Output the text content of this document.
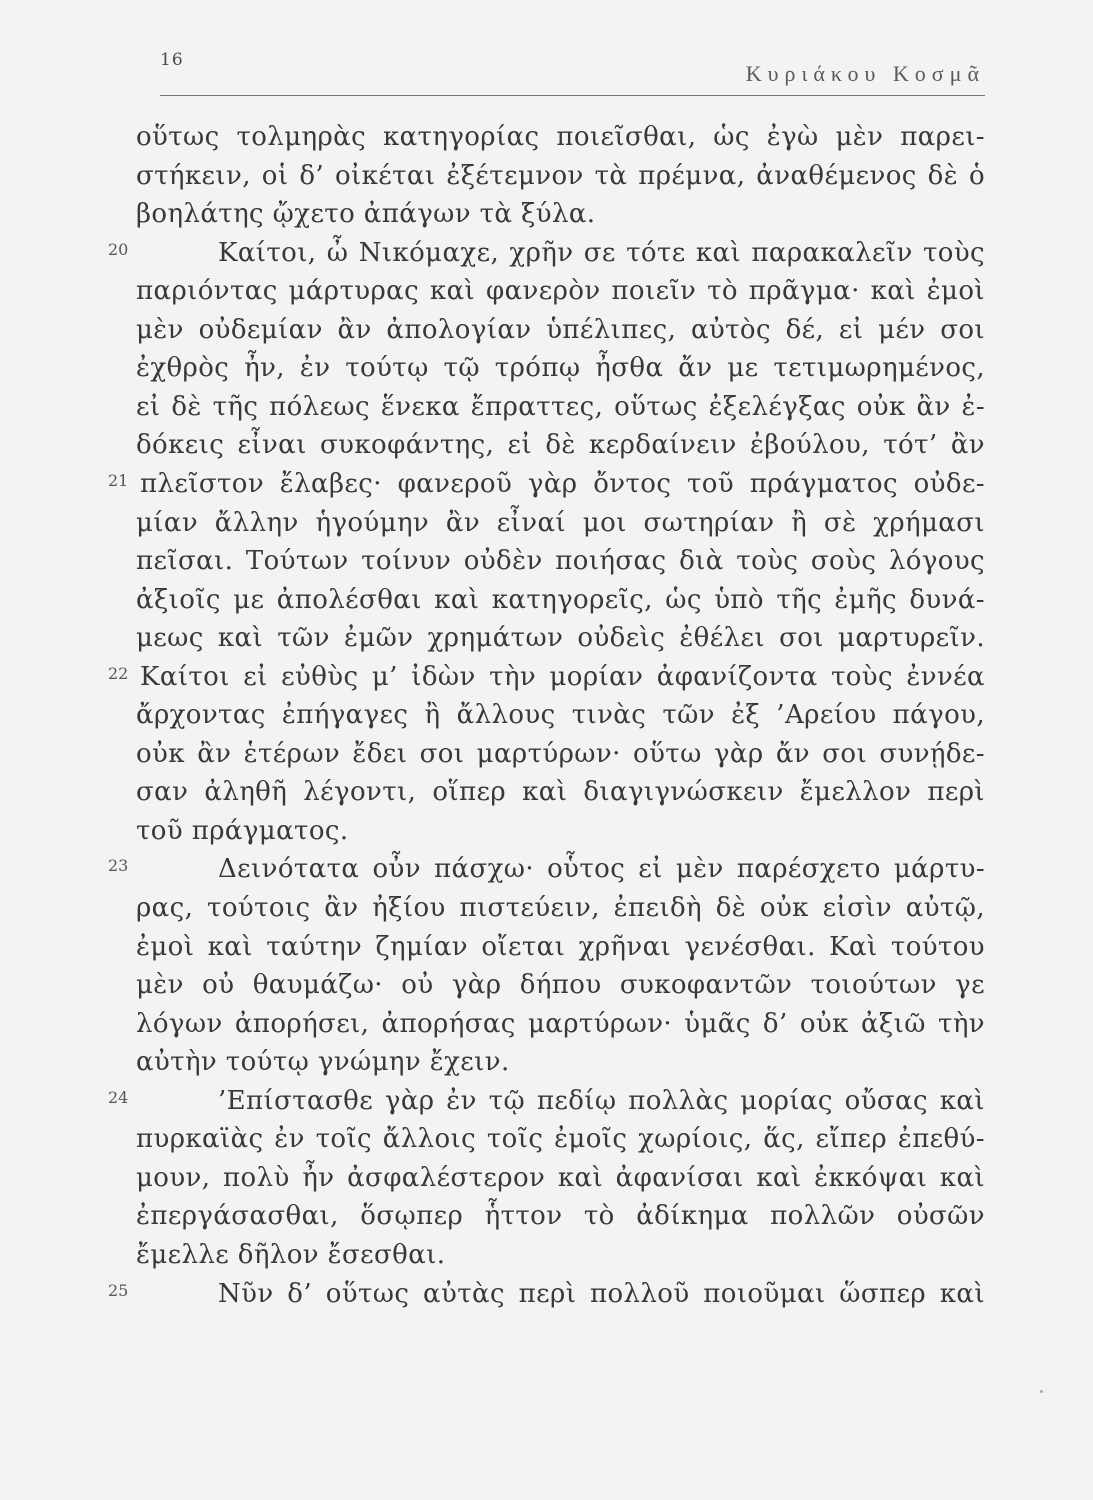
16
Κυριάκου Κοσμᾶ
οὕτως τολμηρὰς κατηγορίας ποιεῖσθαι, ὡς ἐγὼ μὲν παρει-
στήκειν, οἱ δ’ οἰκέται ἐξέτεμνον τὰ πρέμνα, ἀναθέμενος δὲ ὁ
βοηλάτης ᾤχετο ἀπάγων τὰ ξύλα.
20	Καίτοι, ὦ Νικόμαχε, χρῆν σε τότε καὶ παρακαλεῖν τοὺς
παριόντας μάρτυρας καὶ φανερὸν ποιεῖν τὸ πρᾶγμα· καὶ ἐμοὶ
μὲν οὐδεμίαν ἂν ἀπολογίαν ὑπέλιπες, αὐτὸς δέ, εἰ μέν σοι
ἐχθρὸς ἦν, ἐν τούτῳ τῷ τρόπῳ ἦσθα ἄν με τετιμωρημένος,
εἰ δὲ τῆς πόλεως ἕνεκα ἔπραττες, οὕτως ἐξελέγξας οὐκ ἂν ἐ-
δόκεις εἶναι συκοφάντης, εἰ δὲ κερδαίνειν ἐβούλου, τότ’ ἂν
21 πλεῖστον ἔλαβες· φανεροῦ γὰρ ὄντος τοῦ πράγματος οὐδε-
μίαν ἄλλην ἡγούμην ἂν εἶναί μοι σωτηρίαν ἢ σὲ χρήμασι
πεῖσαι. Τούτων τοίνυν οὐδὲν ποιήσας διὰ τοὺς σοὺς λόγους
ἀξιοῖς με ἀπολέσθαι καὶ κατηγορεῖς, ὡς ὑπὸ τῆς ἐμῆς δυνά-
μεως καὶ τῶν ἐμῶν χρημάτων οὐδεὶς ἐθέλει σοι μαρτυρεῖν.
22 Καίτοι εἰ εὐθὺς μ’ ἰδὼν τὴν μορίαν ἀφανίζοντα τοὺς ἐννέα
ἄρχοντας ἐπήγαγες ἢ ἄλλους τινὰς τῶν ἐξ ’Αρείου πάγου,
οὐκ ἂν ἑτέρων ἔδει σοι μαρτύρων· οὕτω γὰρ ἄν σοι συνῄδε-
σαν ἀληθῆ λέγοντι, οἵπερ καὶ διαγιγνώσκειν ἔμελλον περὶ
τοῦ πράγματος.
23	Δεινότατα οὖν πάσχω· οὗτος εἰ μὲν παρέσχετο μάρτυ-
ρας, τούτοις ἂν ἠξίου πιστεύειν, ἐπειδὴ δὲ οὐκ εἰσὶν αὐτῷ,
ἐμοὶ καὶ ταύτην ζημίαν οἴεται χρῆναι γενέσθαι. Καὶ τούτου
μὲν οὐ θαυμάζω· οὐ γὰρ δήπου συκοφαντῶν τοιούτων γε
λόγων ἀπορήσει, ἀπορήσας μαρτύρων· ὑμᾶς δ’ οὐκ ἀξιῶ τὴν
αὐτὴν τούτῳ γνώμην ἔχειν.
24	’Επίστασθε γὰρ ἐν τῷ πεδίῳ πολλὰς μορίας οὔσας καὶ
πυρκαϊὰς ἐν τοῖς ἄλλοις τοῖς ἐμοῖς χωρίοις, ἅς, εἴπερ ἐπεθύ-
μουν, πολὺ ἦν ἀσφαλέστερον καὶ ἀφανίσαι καὶ ἐκκόψαι καὶ
ἐπεργάσασθαι, ὅσῳπερ ἧττον τὸ ἀδίκημα πολλῶν οὐσῶν
ἔμελλε δῆλον ἔσεσθαι.
25	Νῦν δ’ οὕτως αὐτὰς περὶ πολλοῦ ποιοῦμαι ὥσπερ καὶ
